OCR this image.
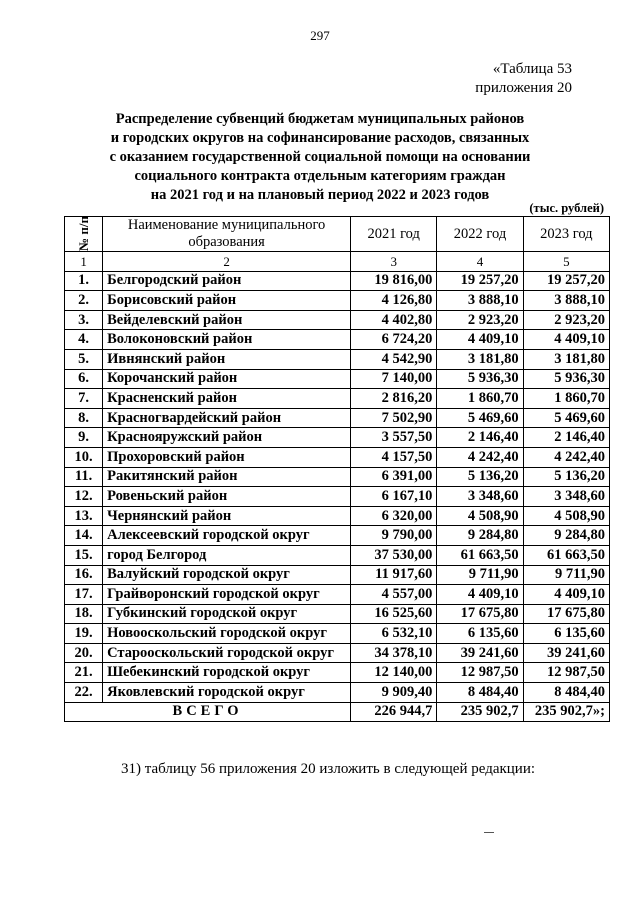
297
«Таблица 53
приложения 20
Распределение субвенций бюджетам муниципальных районов
и городских округов на софинансирование расходов, связанных
с оказанием государственной социальной помощи на основании
социального контракта отдельным категориям граждан
на 2021 год и на плановый период 2022 и 2023 годов
(тыс. рублей)
№ п/п	Наименование муниципального образования	2021 год	2022 год	2023 год
1	2	3	4	5
1.	Белгородский район	19 816,00	19 257,20	19 257,20
2.	Борисовский район	4 126,80	3 888,10	3 888,10
3.	Вейделевский район	4 402,80	2 923,20	2 923,20
4.	Волоконовский район	6 724,20	4 409,10	4 409,10
5.	Ивнянский район	4 542,90	3 181,80	3 181,80
6.	Корочанский район	7 140,00	5 936,30	5 936,30
7.	Красненский район	2 816,20	1 860,70	1 860,70
8.	Красногвардейский район	7 502,90	5 469,60	5 469,60
9.	Краснояружский район	3 557,50	2 146,40	2 146,40
10.	Прохоровский район	4 157,50	4 242,40	4 242,40
11.	Ракитянский район	6 391,00	5 136,20	5 136,20
12.	Ровеньский район	6 167,10	3 348,60	3 348,60
13.	Чернянский район	6 320,00	4 508,90	4 508,90
14.	Алексеевский городской округ	9 790,00	9 284,80	9 284,80
15.	город Белгород	37 530,00	61 663,50	61 663,50
16.	Валуйский городской округ	11 917,60	9 711,90	9 711,90
17.	Грайворонский городской округ	4 557,00	4 409,10	4 409,10
18.	Губкинский городской округ	16 525,60	17 675,80	17 675,80
19.	Новооскольский городской округ	6 532,10	6 135,60	6 135,60
20.	Старооскольский городской округ	34 378,10	39 241,60	39 241,60
21.	Шебекинский городской округ	12 140,00	12 987,50	12 987,50
22.	Яковлевский городской округ	9 909,40	8 484,40	8 484,40
ВСЕГО		226 944,7	235 902,7	235 902,7»;
31) таблицу 56 приложения 20 изложить в следующей редакции:
